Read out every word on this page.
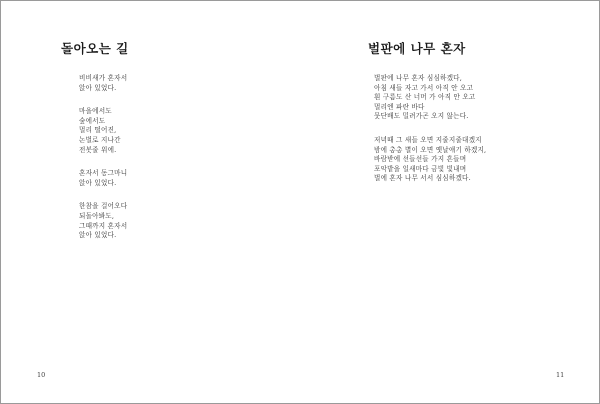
돌아오는 길
비비새가 혼자서
앉아 있었다.
마을에서도
숲에서도
멀리 떨어진,
논벌로 지나간
전봇줄 위에.
혼자서 동그마니
앉아 있었다.
한참을 걸어오다
되돌아봐도,
그때까지 혼자서
앉아 있었다.
10
벌판에 나무 혼자
벌판에 나무 혼자 심심하겠다,
아침 새들 자고 가서 아직 안 오고
흰 구름도 산 너머 가 아직 안 오고
멀리엔 파란 바다
뭇단배도 밀려가곤 오지 않는다.
저녁때 그 새들 오면 지줄지줄대겠지
밤에 총총 별이 오면 옛날얘기 하겠지,
바람받에 선들선들 가지 흔들며
포악밭을 일새마다 금빛 빛내며
벌에 혼자 나무 서서 심심하겠다.
11
